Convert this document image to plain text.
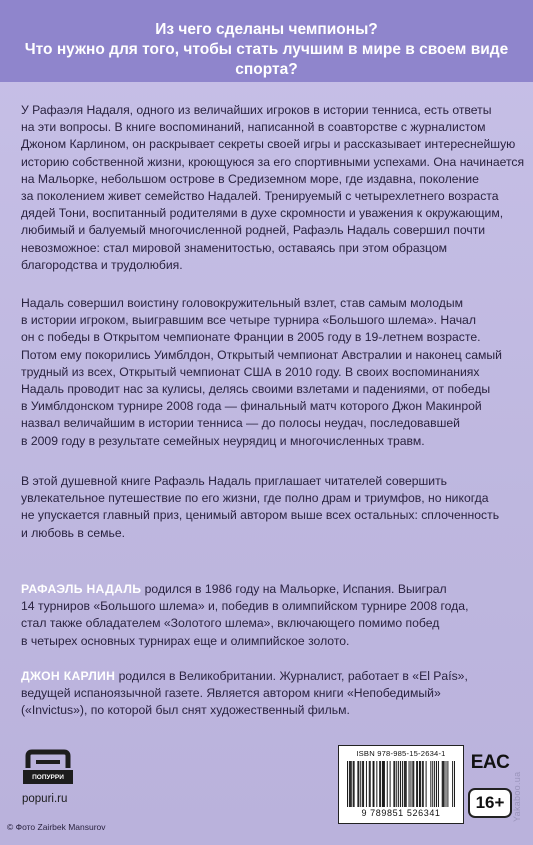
Из чего сделаны чемпионы?
Что нужно для того, чтобы стать лучшим в мире в своем виде спорта?
У Рафаэля Надаля, одного из величайших игроков в истории тенниса, есть ответы
на эти вопросы. В книге воспоминаний, написанной в соавторстве с журналистом
Джоном Карлином, он раскрывает секреты своей игры и рассказывает интереснейшую
историю собственной жизни, кроющуюся за его спортивными успехами. Она начинается
на Мальорке, небольшом острове в Средиземном море, где издавна, поколение
за поколением живет семейство Надалей. Тренируемый с четырехлетнего возраста
дядей Тони, воспитанный родителями в духе скромности и уважения к окружающим,
любимый и балуемый многочисленной родней, Рафаэль Надаль совершил почти
невозможное: стал мировой знаменитостью, оставаясь при этом образцом
благородства и трудолюбия.
Надаль совершил воистину головокружительный взлет, став самым молодым
в истории игроком, выигравшим все четыре турнира «Большого шлема». Начал
он с победы в Открытом чемпионате Франции в 2005 году в 19-летнем возрасте.
Потом ему покорились Уимблдон, Открытый чемпионат Австралии и наконец самый
трудный из всех, Открытый чемпионат США в 2010 году. В своих воспоминаниях
Надаль проводит нас за кулисы, делясь своими взлетами и падениями, от победы
в Уимблдонском турнире 2008 года — финальный матч которого Джон Макинрой
назвал величайшим в истории тенниса — до полосы неудач, последовавшей
в 2009 году в результате семейных неурядиц и многочисленных травм.
В этой душевной книге Рафаэль Надаль приглашает читателей совершить
увлекательное путешествие по его жизни, где полно драм и триумфов, но никогда
не упускается главный приз, ценимый автором выше всех остальных: сплоченность
и любовь в семье.
РАФАЭЛЬ НАДАЛЬ родился в 1986 году на Мальорке, Испания. Выиграл
14 турниров «Большого шлема» и, победив в олимпийском турнире 2008 года,
стал также обладателем «Золотого шлема», включающего помимо побед
в четырех основных турнирах еще и олимпийское золото.
ДЖОН КАРЛИН родился в Великобритании. Журналист, работает в «El País»,
ведущей испаноязычной газете. Является автором книги «Непобедимый»
(«Invictus»), по которой был снят художественный фильм.
ПОПУРРИ
popuri.ru
ISBN 978-985-15-2634-1
9 789851 526341
EAC
16+
© Фото Zairbek Mansurov
Yakaboo.ua
